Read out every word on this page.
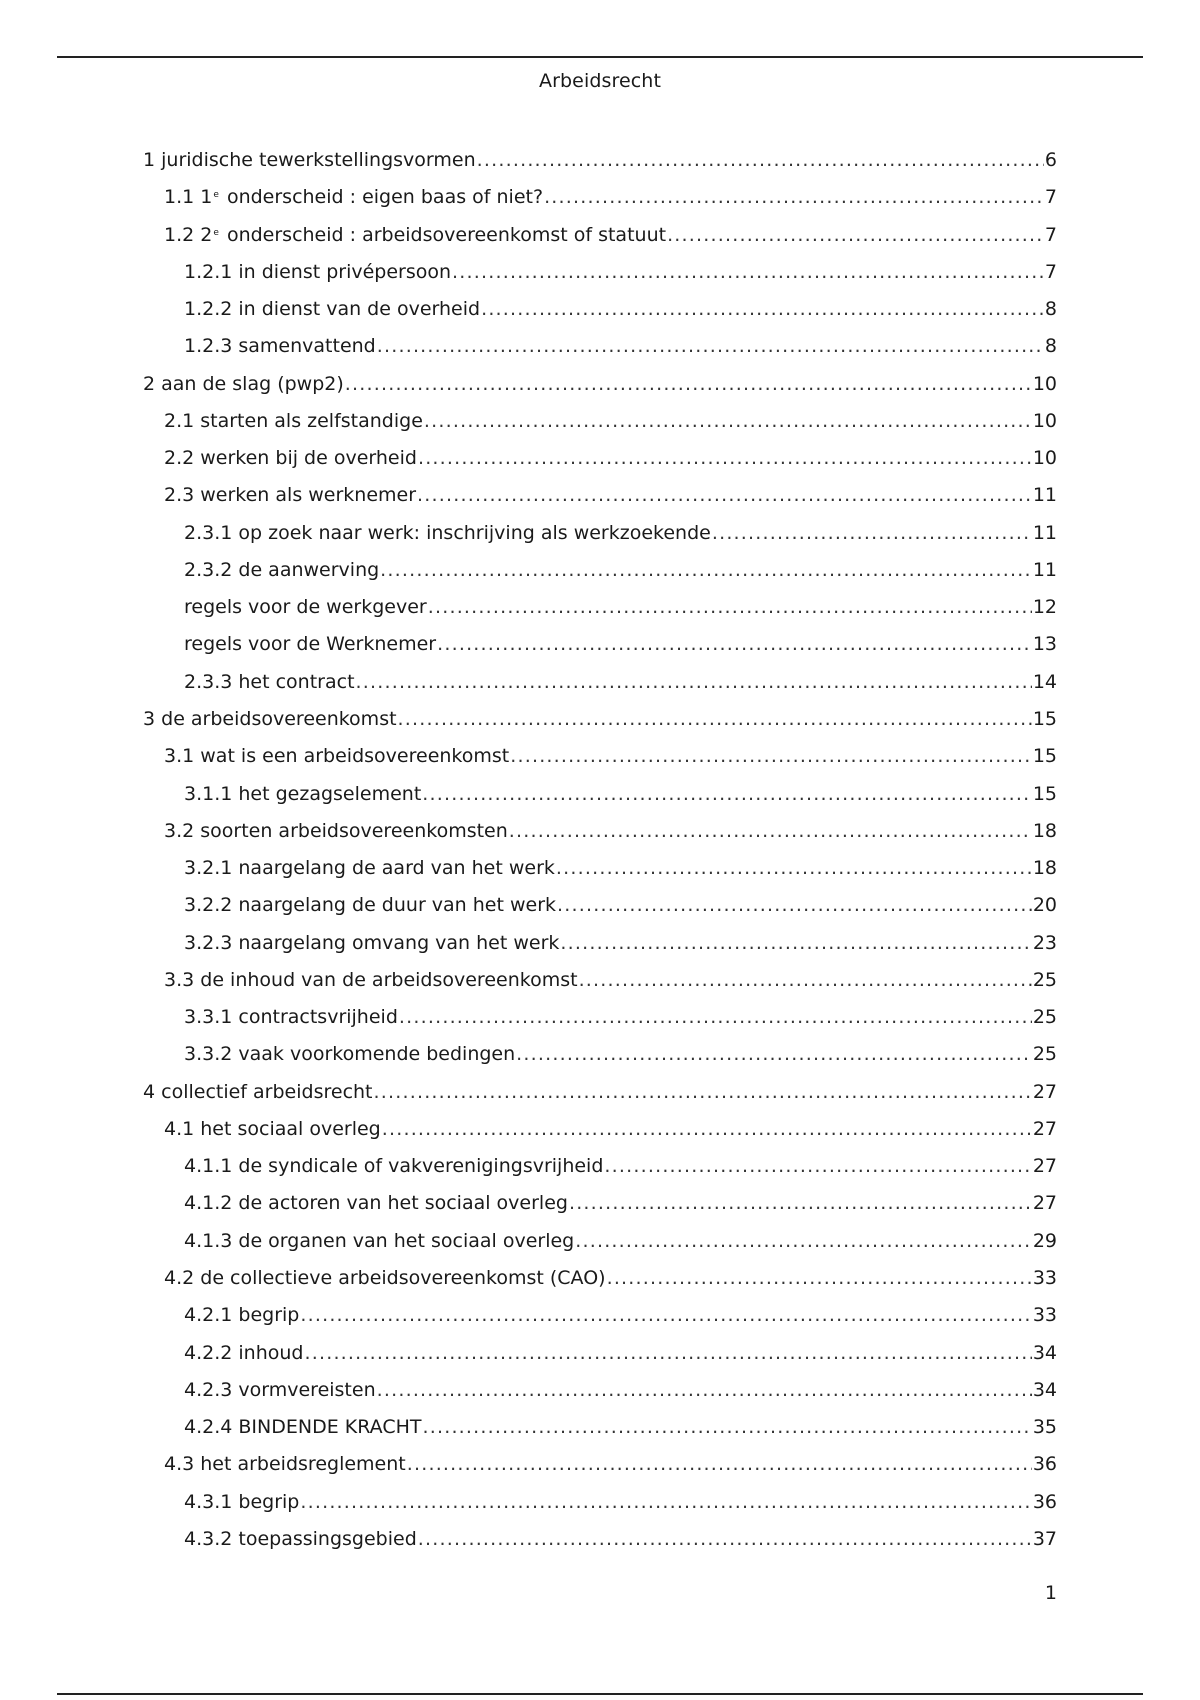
Arbeidsrecht
1 juridische tewerkstellingsvormen .....	6
1.1 1e onderscheid : eigen baas of niet? .....	7
1.2 2e onderscheid : arbeidsovereenkomst of statuut .....	7
1.2.1 in dienst privépersoon .....	7
1.2.2 in dienst van de overheid .....	8
1.2.3 samenvattend .....	8
2 aan de slag (pwp2) .....	10
2.1 starten als zelfstandige .....	10
2.2 werken bij de overheid .....	10
2.3 werken als werknemer .....	11
2.3.1 op zoek naar werk: inschrijving als werkzoekende .....	11
2.3.2 de aanwerving .....	11
regels voor de werkgever .....	12
regels voor de Werknemer .....	13
2.3.3 het contract .....	14
3 de arbeidsovereenkomst .....	15
3.1 wat is een arbeidsovereenkomst .....	15
3.1.1 het gezagselement .....	15
3.2 soorten arbeidsovereenkomsten .....	18
3.2.1 naargelang de aard van het werk .....	18
3.2.2 naargelang de duur van het werk .....	20
3.2.3 naargelang omvang van het werk .....	23
3.3 de inhoud van de arbeidsovereenkomst .....	25
3.3.1 contractsvrijheid .....	25
3.3.2 vaak voorkomende bedingen .....	25
4 collectief arbeidsrecht .....	27
4.1 het sociaal overleg .....	27
4.1.1 de syndicale of vakverenigingsvrijheid .....	27
4.1.2 de actoren van het sociaal overleg .....	27
4.1.3 de organen van het sociaal overleg .....	29
4.2 de collectieve arbeidsovereenkomst (CAO) .....	33
4.2.1 begrip .....	33
4.2.2 inhoud .....	34
4.2.3 vormvereisten .....	34
4.2.4 BINDENDE KRACHT .....	35
4.3 het arbeidsreglement .....	36
4.3.1 begrip .....	36
4.3.2 toepassingsgebied .....	37
1
